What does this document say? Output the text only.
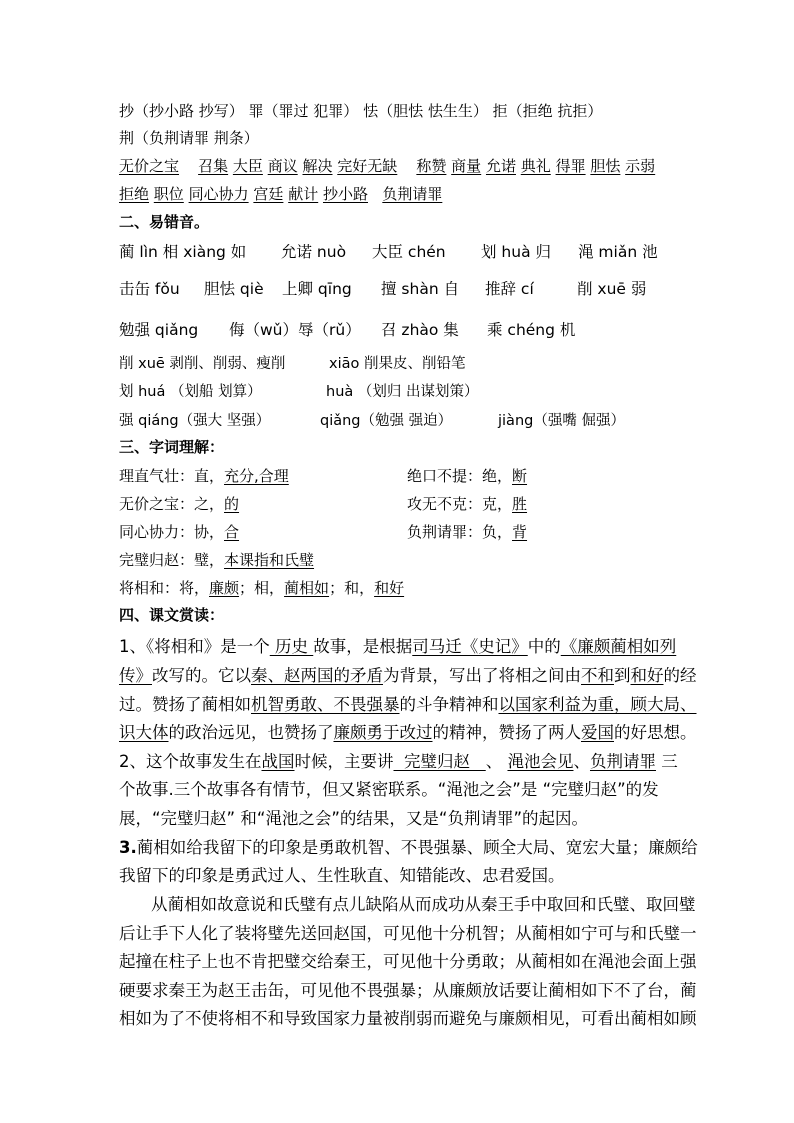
抄（抄小路 抄写） 罪（罪过 犯罪） 怯（胆怯 怯生生） 拒（拒绝 抗拒）
荆（负荆请罪 荆条）
无价之宝 召集 大臣 商议 解决 完好无缺 称赞 商量 允诺 典礼 得罪 胆怯 示弱
拒绝 职位 同心协力 宫廷 献计 抄小路 负荆请罪
二、易错音。
蔺 lìn 相 xiàng 如 允诺 nuò 大臣 chén 划 huà 归 渑 miǎn 池
击缶 fǒu 胆怯 qiè 上卿 qīng 擅 shàn 自 推辞 cí	削 xuē 弱
勉强 qiǎng 侮（wǔ）辱（rǔ） 召 zhào 集 乘 chéng 机
削 xuē 剥削、削弱、瘦削	xiāo 削果皮、削铅笔
划 huá （划船 划算）	huà （划归 出谋划策）
强 qiáng（强大 坚强）	qiǎng（勉强 强迫）	jiàng（强嘴 倔强）
三、字词理解：
理直气壮：直，充分,合理	绝口不提：绝，断
无价之宝：之，的	攻无不克：克，胜
同心协力：协，合	负荆请罪：负，背
完璧归赵：璧，本课指和氏璧
将相和：将，廉颇；相，蔺相如；和，和好
四、课文赏读：
1、《将相和》是一个 历史 故事，是根据司马迁《史记》中的《廉颇蔺相如列
传》改写的。它以秦、赵两国的矛盾为背景，写出了将相之间由不和到和好的经
过。赞扬了蔺相如机智勇敢、不畏强暴的斗争精神和以国家利益为重，顾大局、
识大体的政治远见，也赞扬了廉颇勇于改过的精神，赞扬了两人爱国的好思想。
2、这个故事发生在战国时候，主要讲  完璧归赵   、 渑池会见、负荆请罪 三
个故事.三个故事各有情节，但又紧密联系。“渑池之会”是 “完璧归赵”的发
展，“完璧归赵” 和“渑池之会”的结果，又是“负荆请罪”的起因。
3.蔺相如给我留下的印象是勇敢机智、不畏强暴、顾全大局、宽宏大量；廉颇给
我留下的印象是勇武过人、生性耿直、知错能改、忠君爱国。
从蔺相如故意说和氏璧有点儿缺陷从而成功从秦王手中取回和氏璧、取回璧
后让手下人化了装将璧先送回赵国，可见他十分机智；从蔺相如宁可与和氏璧一
起撞在柱子上也不肯把璧交给秦王，可见他十分勇敢；从蔺相如在渑池会面上强
硬要求秦王为赵王击缶，可见他不畏强暴；从廉颇放话要让蔺相如下不了台，蔺
相如为了不使将相不和导致国家力量被削弱而避免与廉颇相见，可看出蔺相如顾
